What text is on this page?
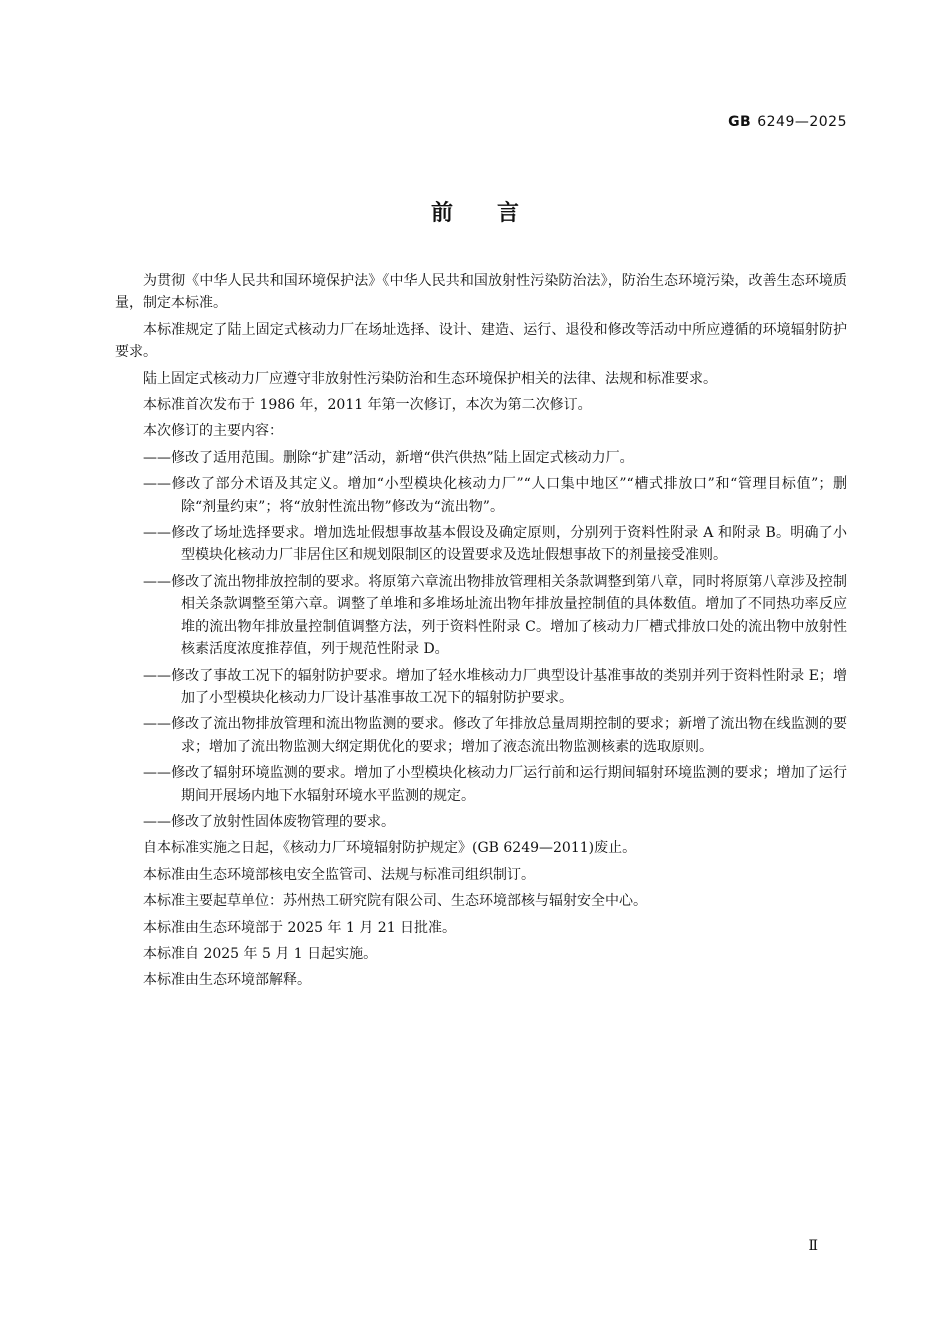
GB 6249—2025
前言

为贯彻《中华人民共和国环境保护法》《中华人民共和国放射性污染防治法》，防治生态环境污染，改善生态环境质量，制定本标准。

本标准规定了陆上固定式核动力厂在场址选择、设计、建造、运行、退役和修改等活动中所应遵循的环境辐射防护要求。

陆上固定式核动力厂应遵守非放射性污染防治和生态环境保护相关的法律、法规和标准要求。

本标准首次发布于 1986 年，2011 年第一次修订，本次为第二次修订。

本次修订的主要内容：

——修改了适用范围。删除“扩建”活动，新增“供汽供热”陆上固定式核动力厂。

——修改了部分术语及其定义。增加“小型模块化核动力厂”“人口集中地区”“槽式排放口”和“管理目标值”；删除“剂量约束”；将“放射性流出物”修改为“流出物”。

——修改了场址选择要求。增加选址假想事故基本假设及确定原则，分别列于资料性附录 A 和附录 B。明确了小型模块化核动力厂非居住区和规划限制区的设置要求及选址假想事故下的剂量接受准则。

——修改了流出物排放控制的要求。将原第六章流出物排放管理相关条款调整到第八章，同时将原第八章涉及控制相关条款调整至第六章。调整了单堆和多堆场址流出物年排放量控制值的具体数值。增加了不同热功率反应堆的流出物年排放量控制值调整方法，列于资料性附录 C。增加了核动力厂槽式排放口处的流出物中放射性核素活度浓度推荐值，列于规范性附录 D。

——修改了事故工况下的辐射防护要求。增加了轻水堆核动力厂典型设计基准事故的类别并列于资料性附录 E；增加了小型模块化核动力厂设计基准事故工况下的辐射防护要求。

——修改了流出物排放管理和流出物监测的要求。修改了年排放总量周期控制的要求；新增了流出物在线监测的要求；增加了流出物监测大纲定期优化的要求；增加了液态流出物监测核素的选取原则。

——修改了辐射环境监测的要求。增加了小型模块化核动力厂运行前和运行期间辐射环境监测的要求；增加了运行期间开展场内地下水辐射环境水平监测的规定。

——修改了放射性固体废物管理的要求。

自本标准实施之日起，《核动力厂环境辐射防护规定》(GB 6249—2011)废止。

本标准由生态环境部核电安全监管司、法规与标准司组织制订。

本标准主要起草单位：苏州热工研究院有限公司、生态环境部核与辐射安全中心。

本标准由生态环境部于 2025 年 1 月 21 日批准。

本标准自 2025 年 5 月 1 日起实施。

本标准由生态环境部解释。

Ⅱ
